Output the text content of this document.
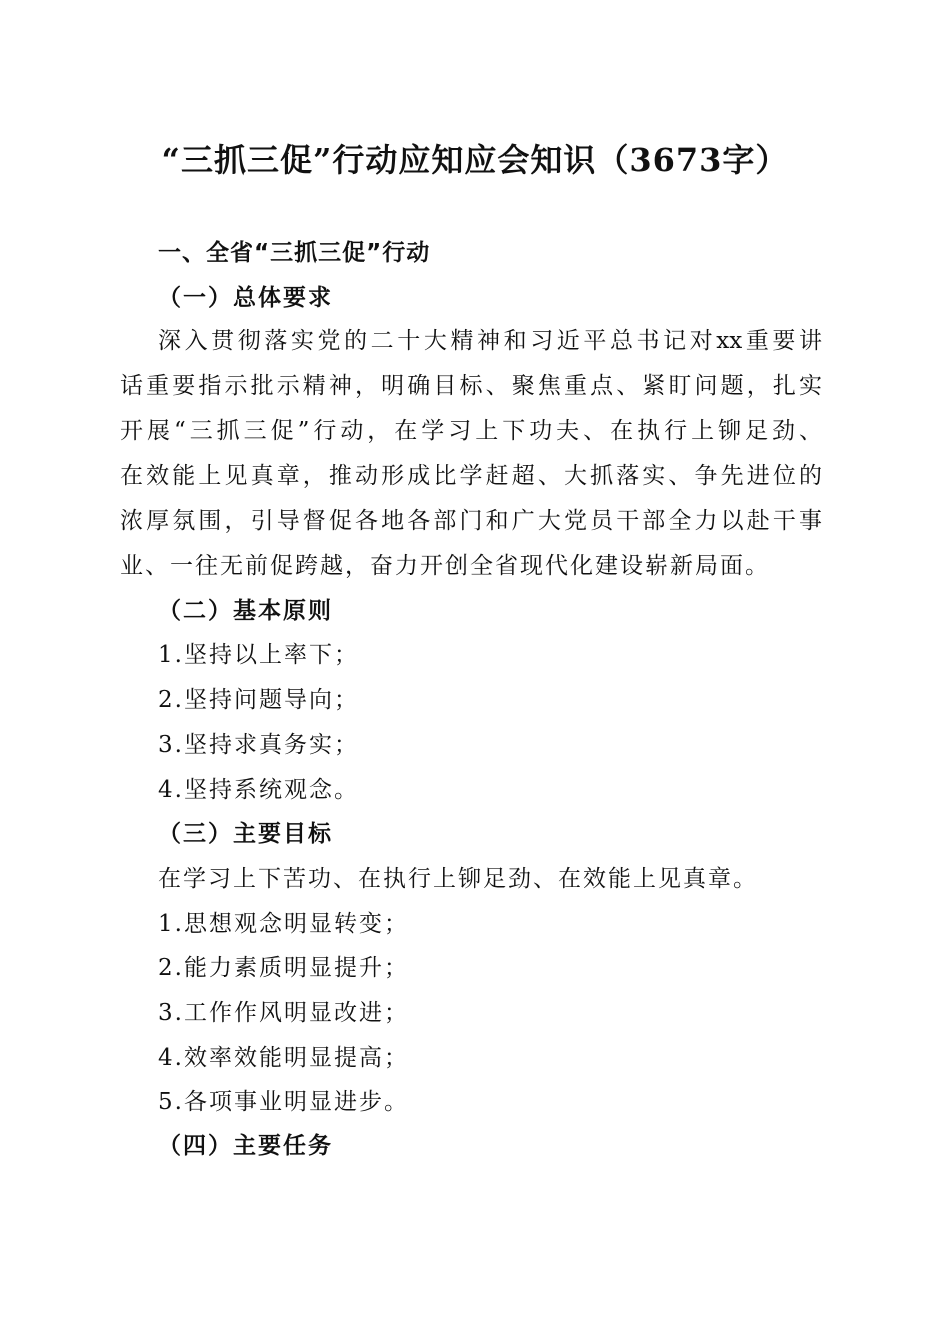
“三抓三促”行动应知应会知识（3673字）
一、全省“三抓三促”行动
（一）总体要求
深入贯彻落实党的二十大精神和习近平总书记对xx重要讲
话重要指示批示精神，明确目标、聚焦重点、紧盯问题，扎实
开展“三抓三促”行动，在学习上下功夫、在执行上铆足劲、
在效能上见真章，推动形成比学赶超、大抓落实、争先进位的
浓厚氛围，引导督促各地各部门和广大党员干部全力以赴干事
业、一往无前促跨越，奋力开创全省现代化建设崭新局面。
（二）基本原则
1.坚持以上率下；
2.坚持问题导向；
3.坚持求真务实；
4.坚持系统观念。
（三）主要目标
在学习上下苦功、在执行上铆足劲、在效能上见真章。
1.思想观念明显转变；
2.能力素质明显提升；
3.工作作风明显改进；
4.效率效能明显提高；
5.各项事业明显进步。
（四）主要任务
